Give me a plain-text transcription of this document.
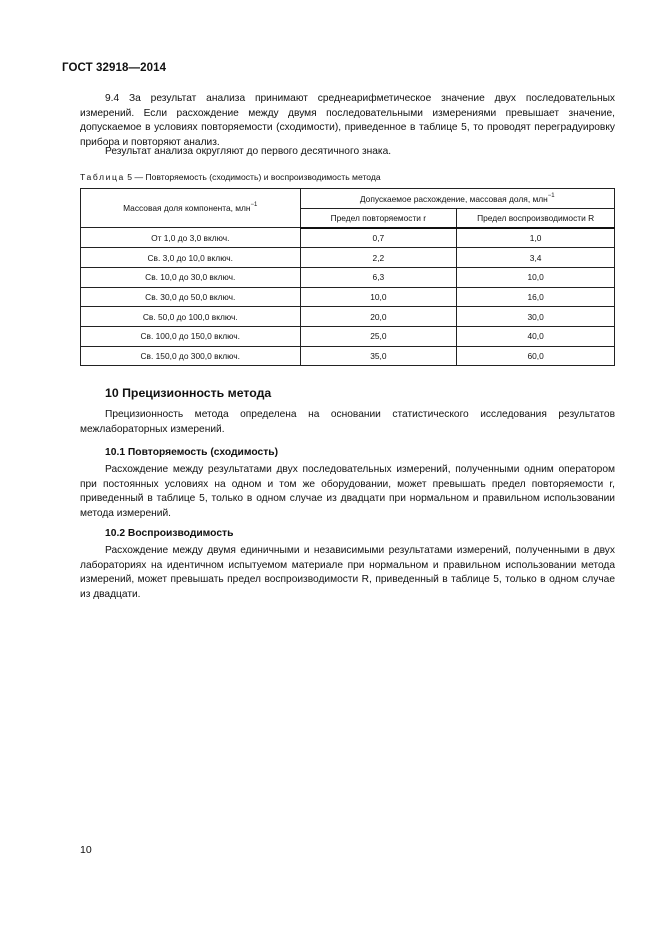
ГОСТ 32918—2014
9.4 За результат анализа принимают среднеарифметическое значение двух последовательных измерений. Если расхождение между двумя последовательными измерениями превышает значение, допускаемое в условиях повторяемости (сходимости), приведенное в таблице 5, то проводят перегрaдуировку прибора и повторяют анализ.
Результат анализа округляют до первого десятичного знака.
Таблица 5 — Повторяемость (сходимость) и воспроизводимость метода
Массовая доля компонента, млн$^{-1}$	Допускаемое расхождение, массовая доля, млн$^{-1}$
	Предел повторяемости r	Предел воспроизводимости R
От 1,0 до 3,0 включ.	0,7	1,0
Св. 3,0 до 10,0 включ.	2,2	3,4
Св. 10,0 до 30,0 включ.	6,3	10,0
Св. 30,0 до 50,0 включ.	10,0	16,0
Св. 50,0 до 100,0 включ.	20,0	30,0
Св. 100,0 до 150,0 включ.	25,0	40,0
Св. 150,0 до 300,0 включ.	35,0	60,0
10 Прецизионность метода
Прецизионность метода определена на основании статистического исследования результатов межлабораторных измерений.
10.1 Повторяемость (сходимость)
Расхождение между результатами двух последовательных измерений, полученными одним оператором при постоянных условиях на одном и том же оборудовании, может превышать предел повторяемости r, приведенный в таблице 5, только в одном случае из двадцати при нормальном и правильном использовании метода измерений.
10.2 Воспроизводимость
Расхождение между двумя единичными и независимыми результатами измерений, полученными в двух лабораториях на идентичном испытуемом материале при нормальном и правильном использовании метода измерений, может превышать предел воспроизводимости R, приведенный в таблице 5, только в одном случае из двадцати.
10
